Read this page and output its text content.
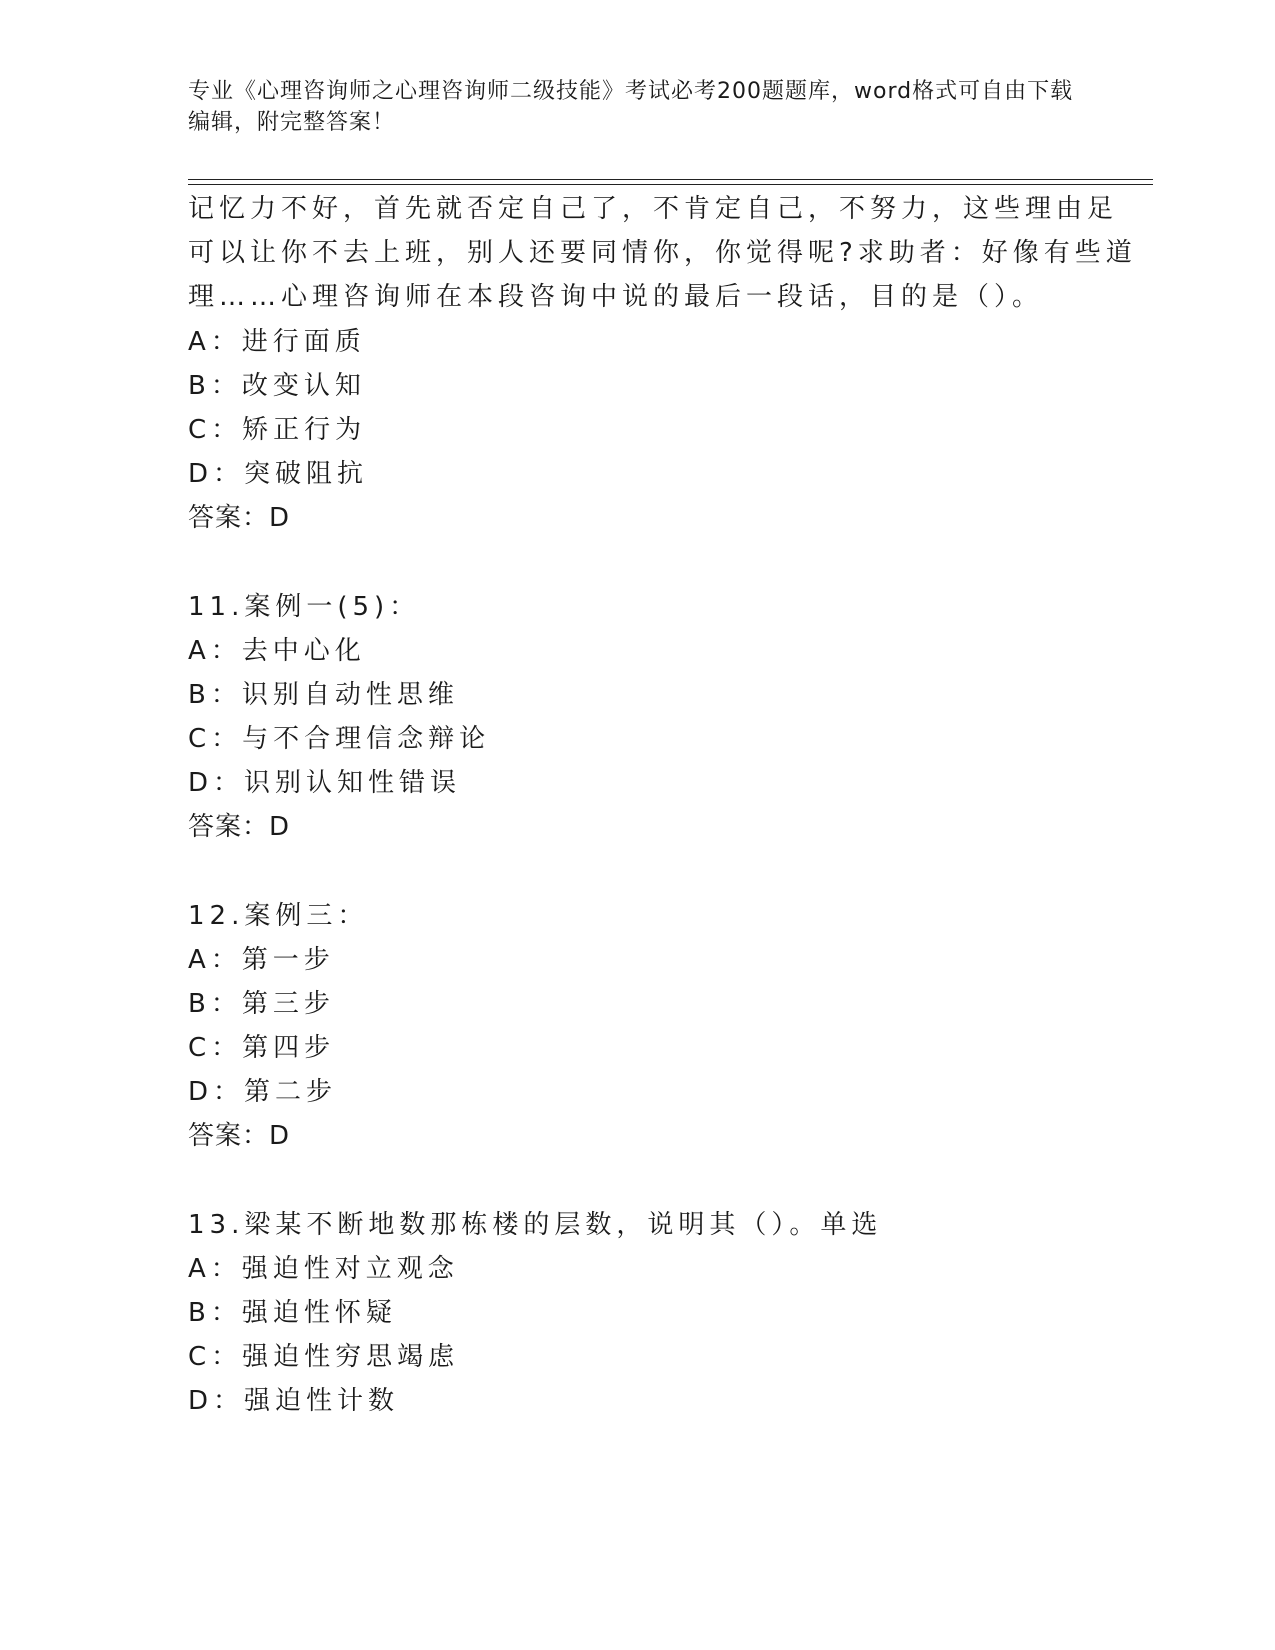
专业《心理咨询师之心理咨询师二级技能》考试必考200题题库，word格式可自由下载编辑，附完整答案！
记忆力不好，首先就否定自己了，不肯定自己，不努力，这些理由足
可以让你不去上班，别人还要同情你，你觉得呢?求助者：好像有些道
理……心理咨询师在本段咨询中说的最后一段话，目的是（）。
A：进行面质
B：改变认知
C：矫正行为
D：突破阻抗
答案：D
11.案例一(5)：
A：去中心化
B：识别自动性思维
C：与不合理信念辩论
D：识别认知性错误
答案：D
12.案例三：
A：第一步
B：第三步
C：第四步
D：第二步
答案：D
13.梁某不断地数那栋楼的层数，说明其（）。单选
A：强迫性对立观念
B：强迫性怀疑
C：强迫性穷思竭虑
D：强迫性计数
